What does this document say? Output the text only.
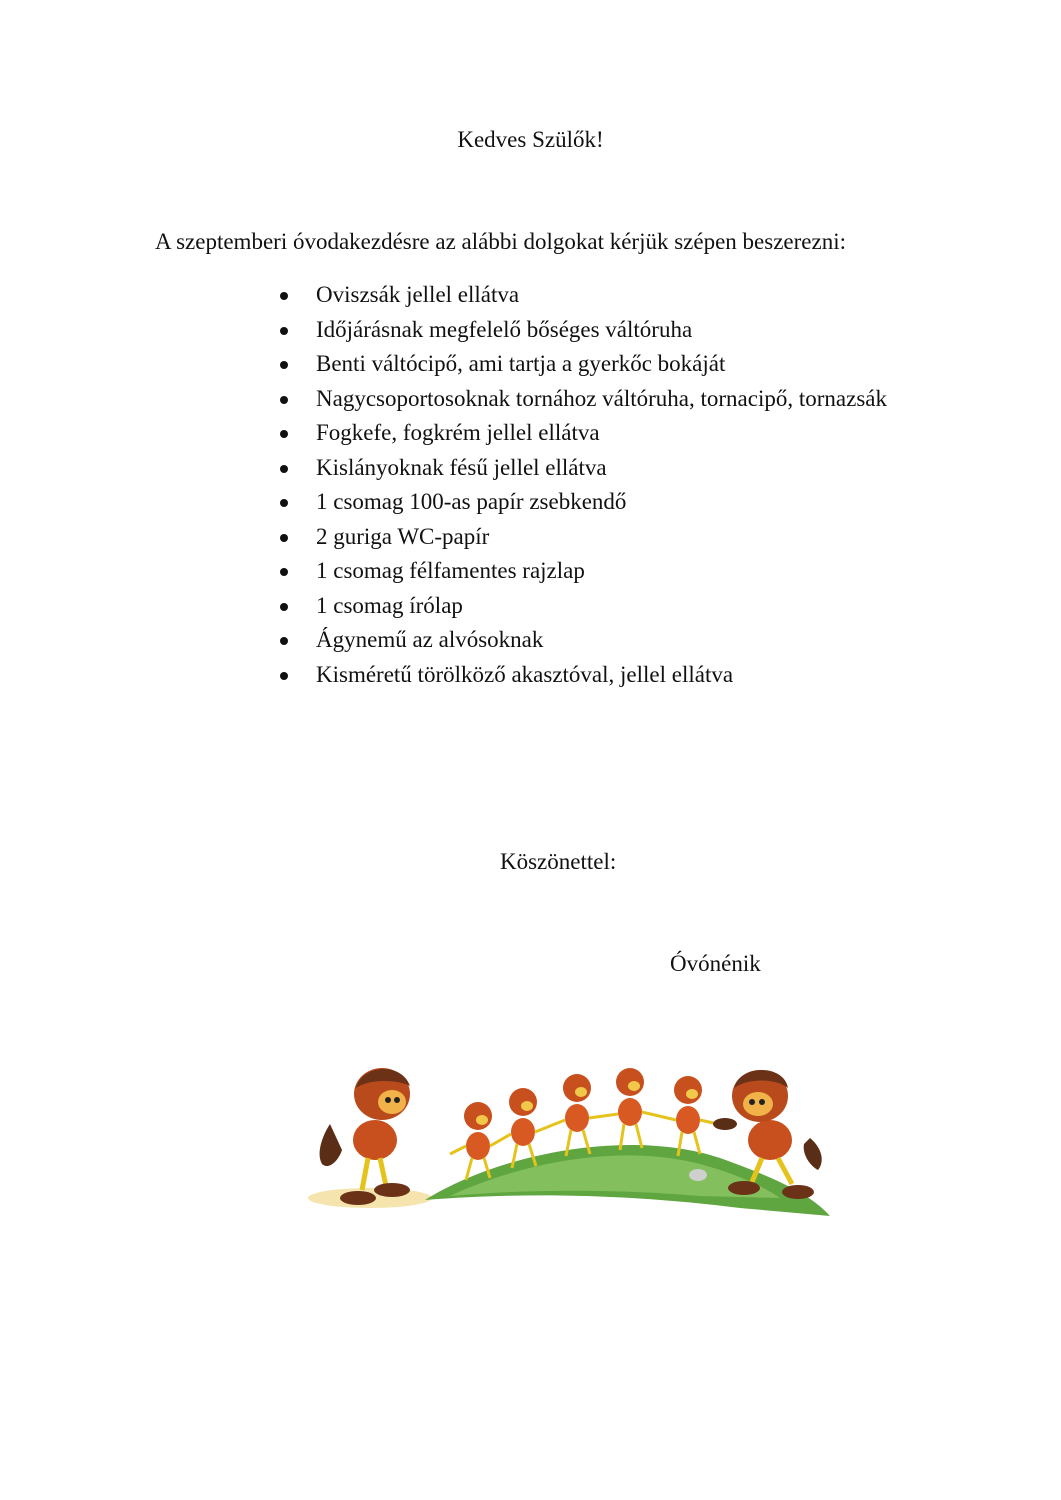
Kedves Szülők!
A szeptemberi óvodakezdésre az alábbi dolgokat kérjük szépen beszerezni:
Oviszsák jellel ellátva
Időjárásnak megfelelő bőséges váltóruha
Benti váltócipő, ami tartja a gyerkőc bokáját
Nagycsoportosoknak tornához váltóruha, tornacipő, tornazsák
Fogkefe, fogkrém jellel ellátva
Kislányoknak fésű jellel ellátva
1 csomag 100-as papír zsebkendő
2 guriga WC-papír
1 csomag félfamentes rajzlap
1 csomag írólap
Ágynemű az alvósoknak
Kisméretű törölköző akasztóval, jellel ellátva
Köszönettel:
Óvónénik
